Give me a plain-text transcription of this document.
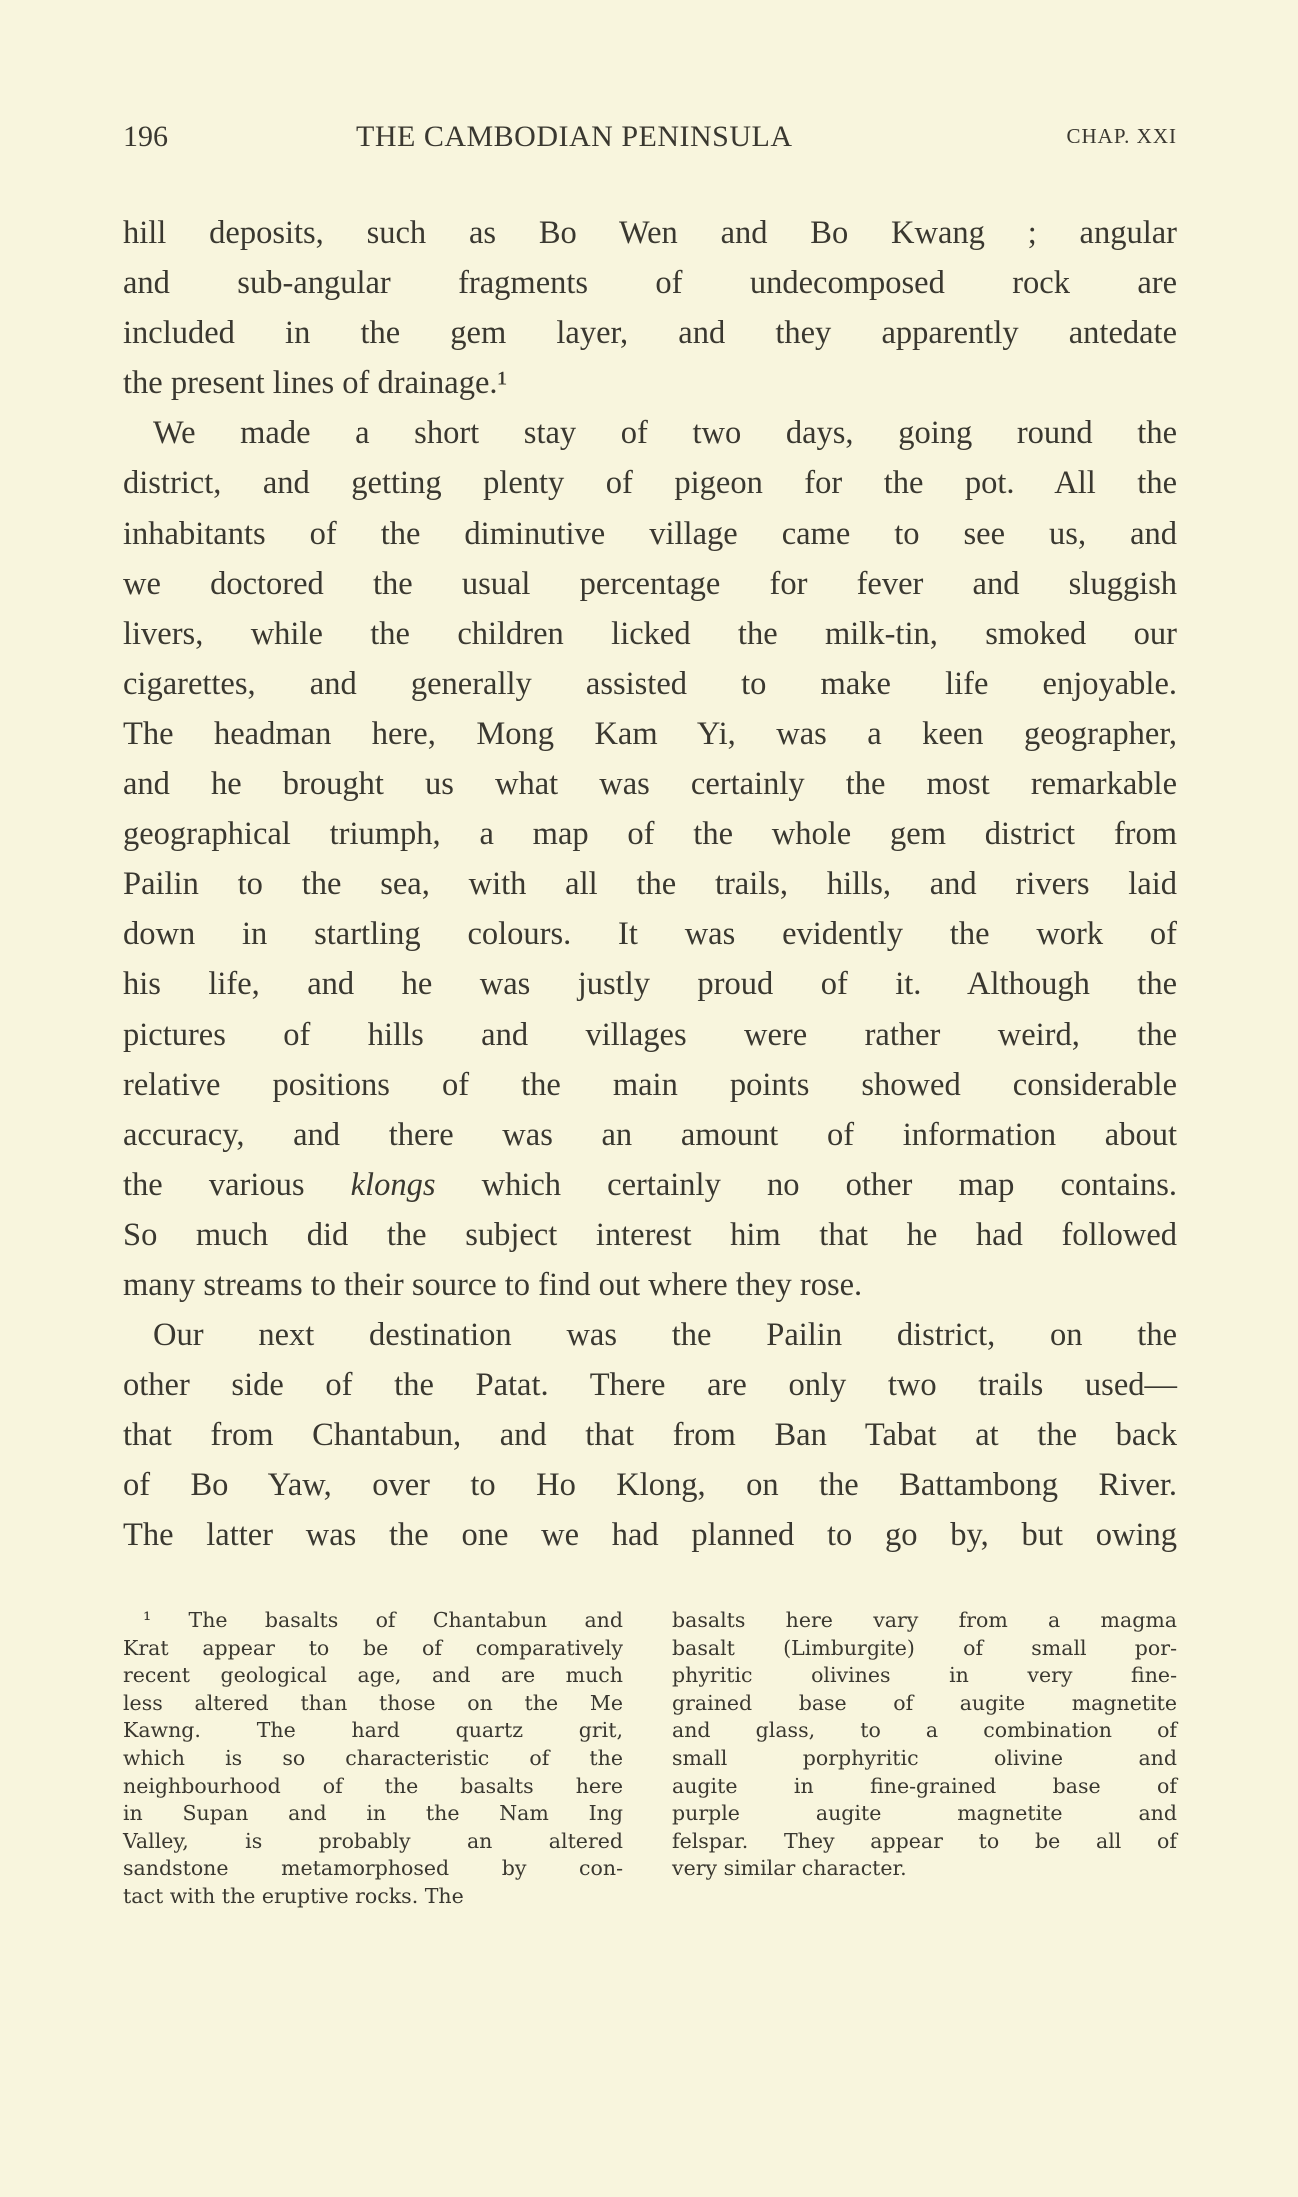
196	THE CAMBODIAN PENINSULA	CHAP. XXI
hill deposits, such as Bo Wen and Bo Kwang ; angular
and sub-angular fragments of undecomposed rock are
included in the gem layer, and they apparently antedate
the present lines of drainage.¹
We made a short stay of two days, going round the
district, and getting plenty of pigeon for the pot. All the
inhabitants of the diminutive village came to see us, and
we doctored the usual percentage for fever and sluggish
livers, while the children licked the milk-tin, smoked our
cigarettes, and generally assisted to make life enjoyable.
The headman here, Mong Kam Yi, was a keen geographer,
and he brought us what was certainly the most remarkable
geographical triumph, a map of the whole gem district from
Pailin to the sea, with all the trails, hills, and rivers laid
down in startling colours. It was evidently the work of
his life, and he was justly proud of it. Although the
pictures of hills and villages were rather weird, the
relative positions of the main points showed considerable
accuracy, and there was an amount of information about
the various klongs which certainly no other map contains.
So much did the subject interest him that he had followed
many streams to their source to find out where they rose.
Our next destination was the Pailin district, on the
other side of the Patat. There are only two trails used—
that from Chantabun, and that from Ban Tabat at the back
of Bo Yaw, over to Ho Klong, on the Battambong River.
The latter was the one we had planned to go by, but owing
¹ The basalts of Chantabun and
Krat appear to be of comparatively
recent geological age, and are much
less altered than those on the Me
Kawng. The hard quartz grit,
which is so characteristic of the
neighbourhood of the basalts here
in Supan and in the Nam Ing
Valley, is probably an altered
sandstone metamorphosed by con-
tact with the eruptive rocks. The
basalts here vary from a magma
basalt (Limburgite) of small por-
phyritic olivines in very fine-
grained base of augite magnetite
and glass, to a combination of
small porphyritic olivine and
augite in fine-grained base of
purple augite magnetite and
felspar. They appear to be all of
very similar character.
